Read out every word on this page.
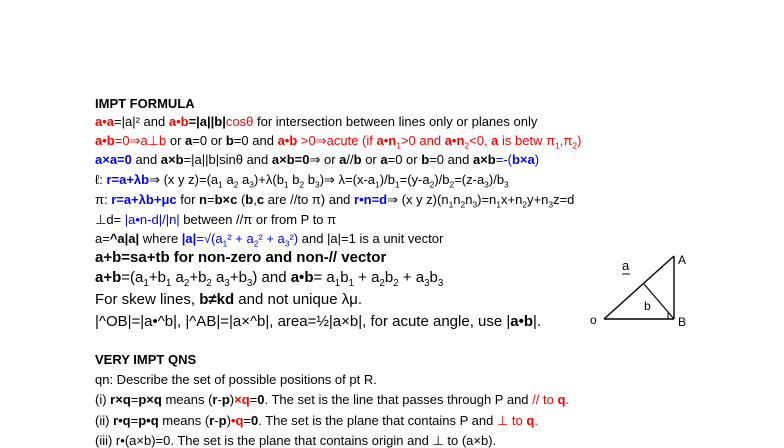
IMPT FORMULA
a•a=|a|² and a•b=|a||b|cosθ for intersection between lines only or planes only
a•b=0⇒a⊥b or a=0 or b=0 and a•b >0⇒acute (if $a•n_1>0$ and $a•n_2<0$, a is betw $\pi_1,\pi_2$)
a×a=0 and a×b=|a||b|sinθ and a×b=0⇒ or a//b or a=0 or b=0 and a×b=-(b×a)
ℓ: r=a+λb⇒ (x y $z)=(a_1$ $a_2$ $a_3)+\lambda(b_1$ $b_2$ $b_3)\Rightarrow$ $\lambda=(x-a_1)/b_1=(y-a_2)/b_2=(z-a_3)/b_3$
π: r=a+λb+μc for n=b×c (b,c are //to π) and r•n=d⇒ (x y $z)(n_1n_2n_3)=n_1x+n_2y+n_3z=d$
⊥d= |a•n-d|/|n| between //π or from P to π
a=^a|a| where $|a|=√(a_1^2 + a_2^2 + a_3^2)$ and |a|=1 is a unit vector
a+b=sa+tb for non-zero and non-// vector
$a+b=(a_1+b_1$ $a_2+b_2$ $a_3+b_3$) and a•b= $a_1b_1 + a_2b_2 + a_3b_3$
For skew lines, b≠kd and not unique λμ.
|^OB|=|a•^b|, |^AB|=|a×^b|, area=½|a×b|, for acute angle, use |a•b|.
VERY IMPT QNS
qn: Describe the set of possible positions of pt R.
(i) r×q=p×q means (r-p)×q=0. The set is the line that passes through P and // to q.
(ii) r•q=p•q means (r-p)•q=0. The set is the plane that contains P and ⊥ to q.
(iii) r•(a×b)=0. The set is the plane that contains origin and ⊥ to (a×b).
a
b
A
B
o
